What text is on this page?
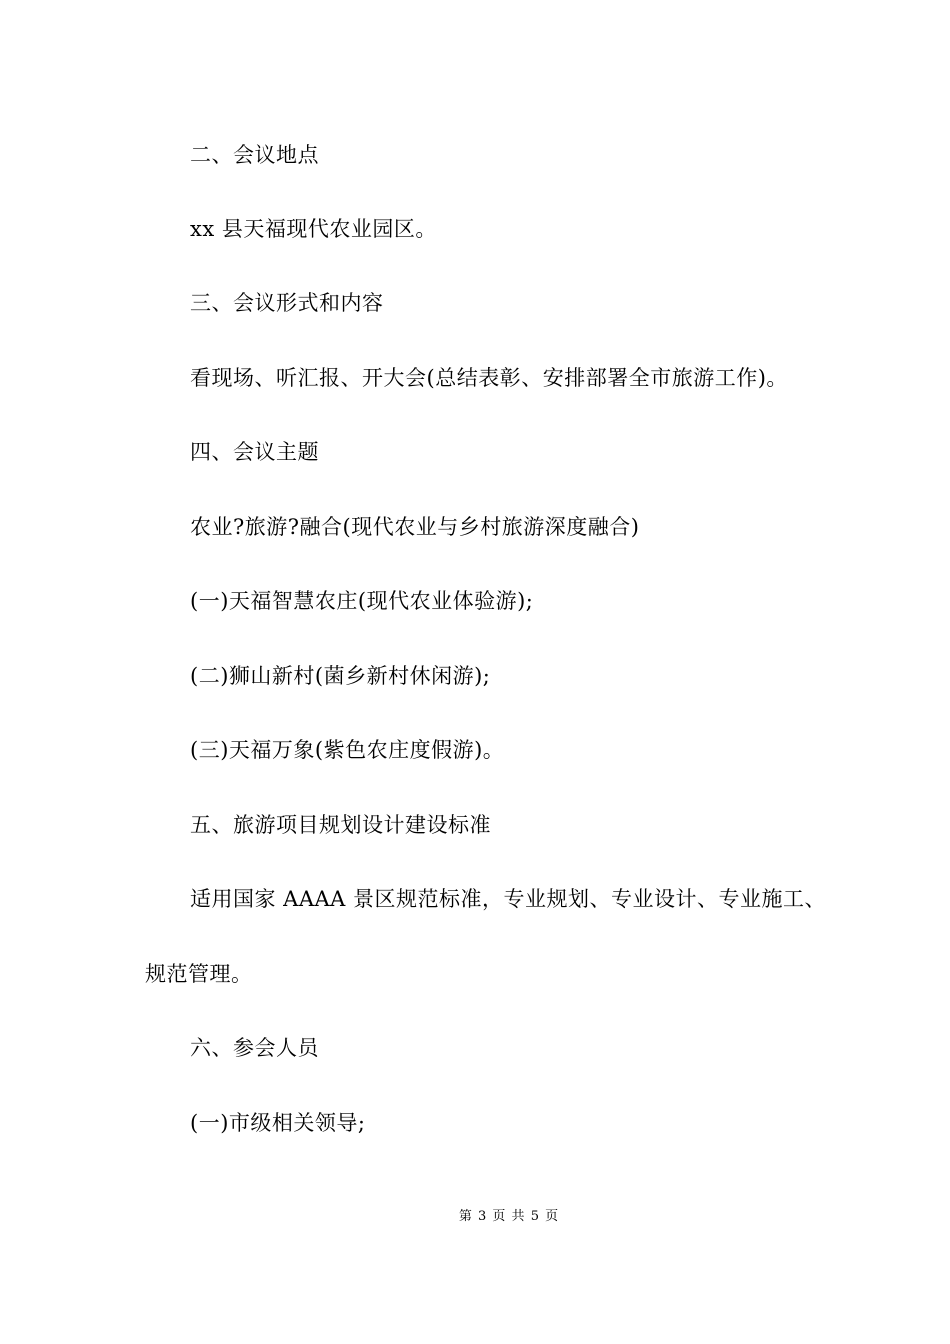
二、会议地点
xx 县天福现代农业园区。
三、会议形式和内容
看现场、听汇报、开大会(总结表彰、安排部署全市旅游工作)。
四、会议主题
农业?旅游?融合(现代农业与乡村旅游深度融合)
(一)天福智慧农庄(现代农业体验游);
(二)狮山新村(菌乡新村休闲游);
(三)天福万象(紫色农庄度假游)。
五、旅游项目规划设计建设标准
适用国家 AAAA 景区规范标准，专业规划、专业设计、专业施工、
规范管理。
六、参会人员
(一)市级相关领导;
第 3 页 共 5 页
